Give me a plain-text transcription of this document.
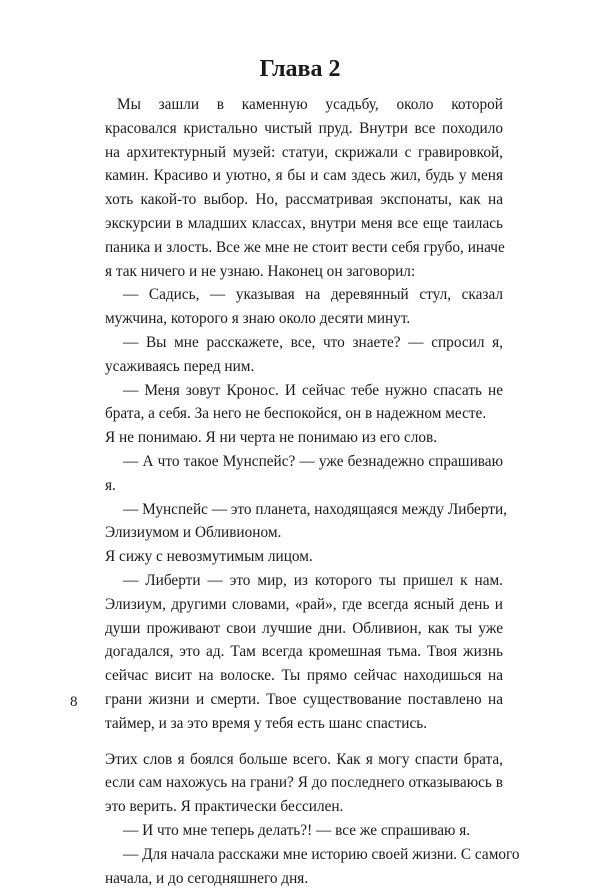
Глава 2
Мы зашли в каменную усадьбу, около которой
красовался кристально чистый пруд. Внутри все походило
на архитектурный музей: статуи, скрижали с гравировкой,
камин. Красиво и уютно, я бы и сам здесь жил, будь у меня
хоть какой-то выбор. Но, рассматривая экспонаты, как на
экскурсии в младших классах, внутри меня все еще таилась
паника и злость. Все же мне не стоит вести себя грубо, иначе
я так ничего и не узнаю. Наконец он заговорил:
— Садись, — указывая на деревянный стул, сказал
мужчина, которого я знаю около десяти минут.
— Вы мне расскажете, все, что знаете? — спросил я,
усаживаясь перед ним.
— Меня зовут Кронос. И сейчас тебе нужно спасать не
брата, а себя. За него не беспокойся, он в надежном месте.
Я не понимаю. Я ни черта не понимаю из его слов.
— А что такое Мунспейс? — уже безнадежно спрашиваю
я.
— Мунспейс — это планета, находящаяся между Либерти,
Элизиумом и Обливионом.
Я сижу с невозмутимым лицом.
— Либерти — это мир, из которого ты пришел к нам.
Элизиум, другими словами, «рай», где всегда ясный день и
души проживают свои лучшие дни. Обливион, как ты уже
догадался, это ад. Там всегда кромешная тьма. Твоя жизнь
сейчас висит на волоске. Ты прямо сейчас находишься на
грани жизни и смерти. Твое существование поставлено на
таймер, и за это время у тебя есть шанс спастись.
Этих слов я боялся больше всего. Как я могу спасти брата,
если сам нахожусь на грани? Я до последнего отказываюсь в
это верить. Я практически бессилен.
— И что мне теперь делать?! — все же спрашиваю я.
— Для начала расскажи мне историю своей жизни. С самого
начала, и до сегодняшнего дня.
8
